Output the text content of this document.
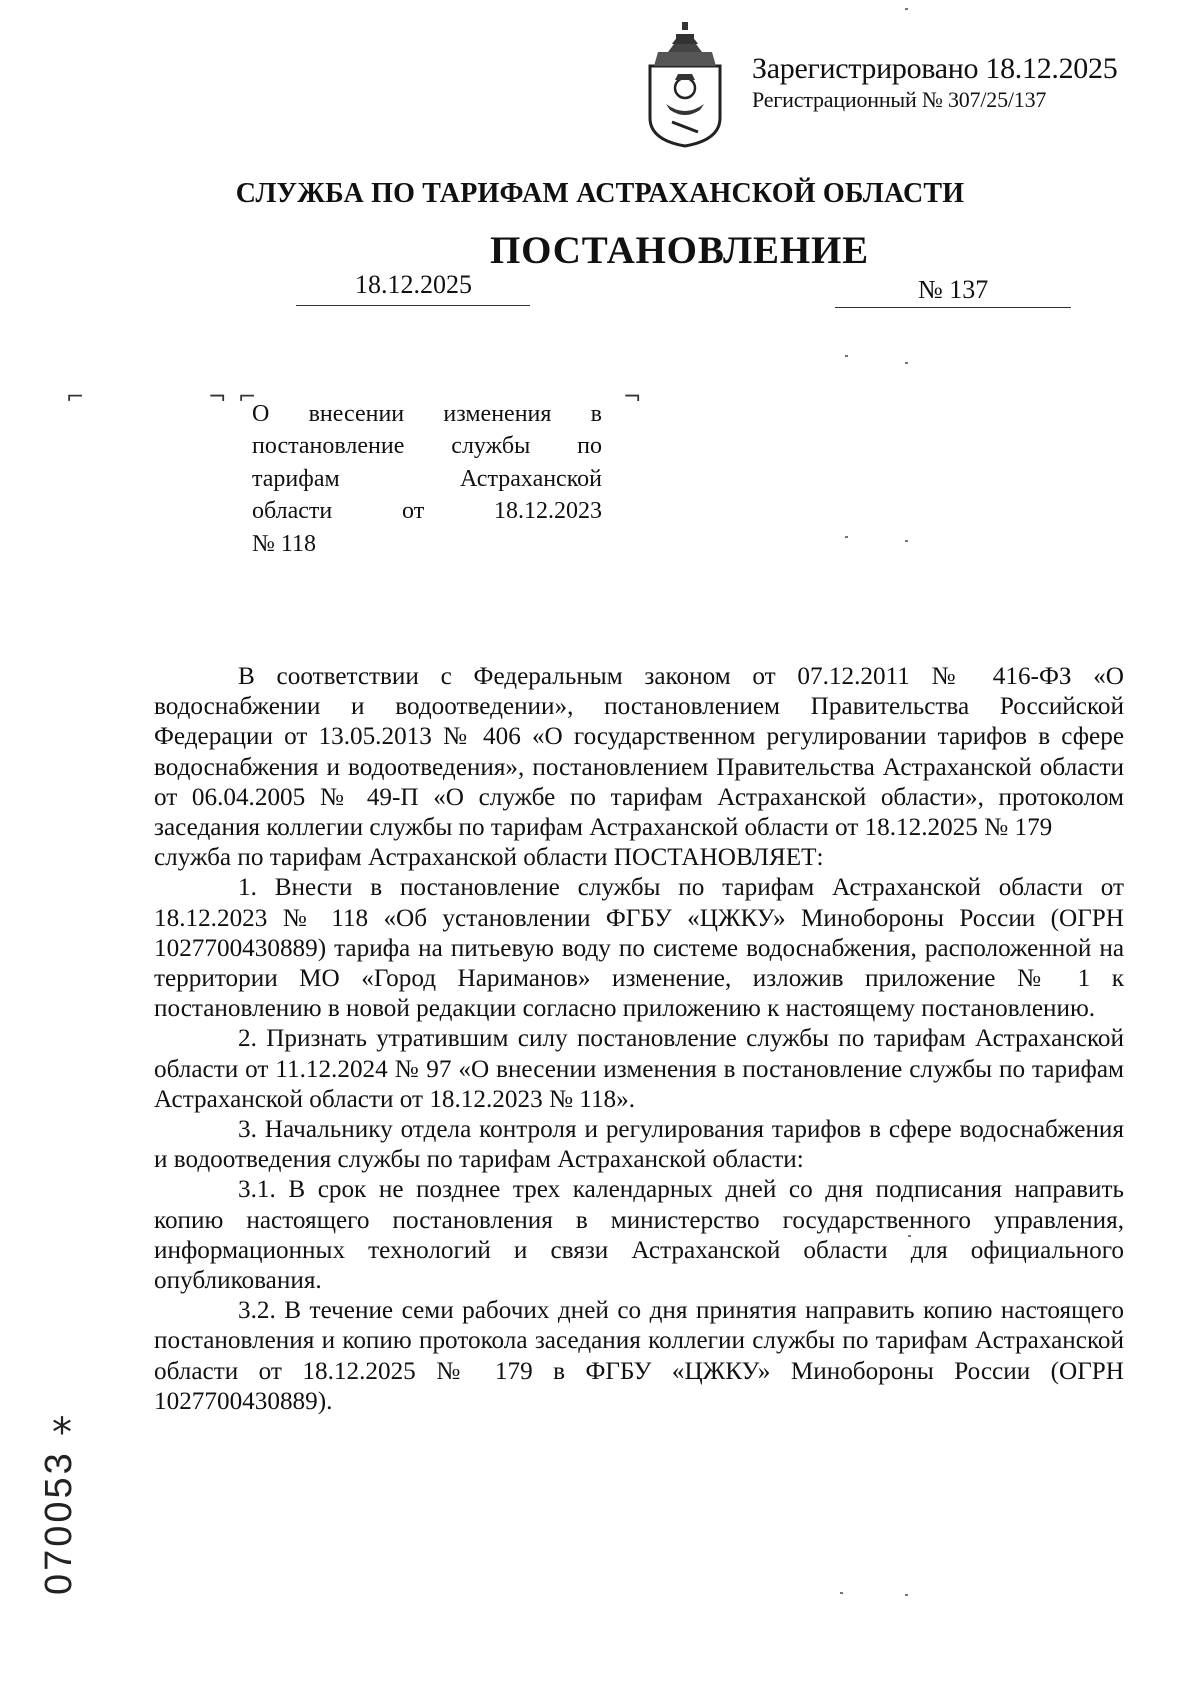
Зарегистрировано 18.12.2025
Регистрационный № 307/25/137
СЛУЖБА ПО ТАРИФАМ АСТРАХАНСКОЙ ОБЛАСТИ
ПОСТАНОВЛЕНИЕ
18.12.2025	№ 137
⌐	¬ ⌐	¬
О внесении изменения в
постановление службы по
тарифам Астраханской
области от 18.12.2023
№ 118

В соответствии с Федеральным законом от 07.12.2011 № 416-ФЗ «О водоснабжении и водоотведении», постановлением Правительства Российской Федерации от 13.05.2013 № 406 «О государственном регулировании тарифов в сфере водоснабжения и водоотведения», постановлением Правительства Астраханской области от 06.04.2005 № 49-П «О службе по тарифам Астраханской области», протоколом заседания коллегии службы по тарифам Астраханской области от 18.12.2025 № 179

служба по тарифам Астраханской области ПОСТАНОВЛЯЕТ:

1. Внести в постановление службы по тарифам Астраханской области от 18.12.2023 № 118 «Об установлении ФГБУ «ЦЖКУ» Минобороны России (ОГРН 1027700430889) тарифа на питьевую воду по системе водоснабжения, расположенной на территории МО «Город Нариманов» изменение, изложив приложение № 1 к постановлению в новой редакции согласно приложению к настоящему постановлению.

2. Признать утратившим силу постановление службы по тарифам Астраханской области от 11.12.2024 № 97 «О внесении изменения в постановление службы по тарифам Астраханской области от 18.12.2023 № 118».

3. Начальнику отдела контроля и регулирования тарифов в сфере водоснабжения и водоотведения службы по тарифам Астраханской области:

3.1. В срок не позднее трех календарных дней со дня подписания направить копию настоящего постановления в министерство государственного управления, информационных технологий и связи Астраханской области для официального опубликования.

3.2. В течение семи рабочих дней со дня принятия направить копию настоящего постановления и копию протокола заседания коллегии службы по тарифам Астраханской области от 18.12.2025 № 179 в ФГБУ «ЦЖКУ» Минобороны России (ОГРН 1027700430889).

*
070053
